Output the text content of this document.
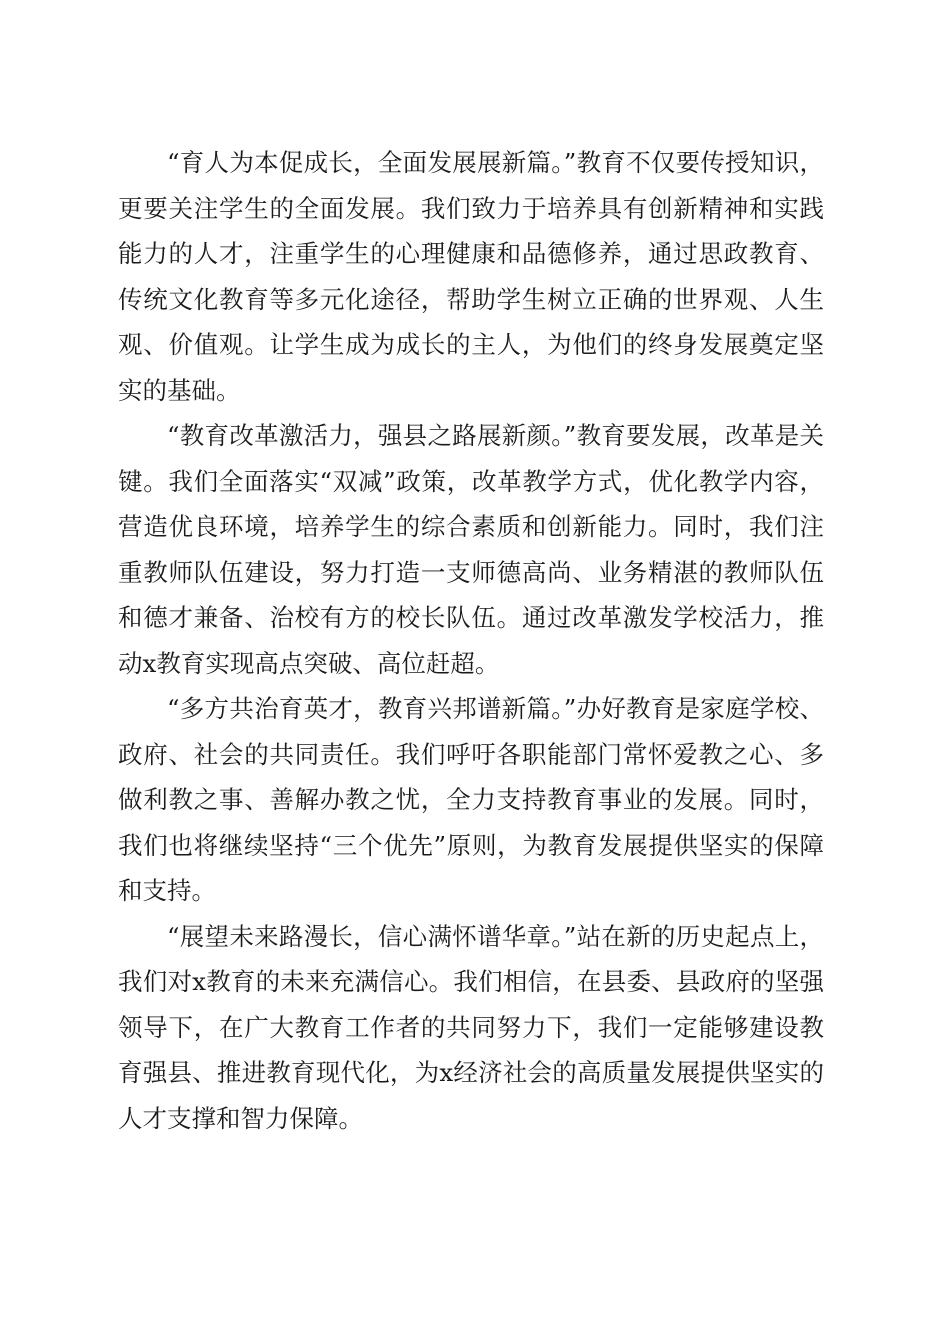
“育人为本促成长，全面发展展新篇。”教育不仅要传授知识，更要关注学生的全面发展。我们致力于培养具有创新精神和实践能力的人才，注重学生的心理健康和品德修养，通过思政教育、传统文化教育等多元化途径，帮助学生树立正确的世界观、人生观、价值观。让学生成为成长的主人，为他们的终身发展奠定坚实的基础。

“教育改革激活力，强县之路展新颜。”教育要发展，改革是关键。我们全面落实“双减”政策，改革教学方式，优化教学内容，营造优良环境，培养学生的综合素质和创新能力。同时，我们注重教师队伍建设，努力打造一支师德高尚、业务精湛的教师队伍和德才兼备、治校有方的校长队伍。通过改革激发学校活力，推动x教育实现高点突破、高位赶超。

“多方共治育英才，教育兴邦谱新篇。”办好教育是家庭学校、政府、社会的共同责任。我们呼吁各职能部门常怀爱教之心、多做利教之事、善解办教之忧，全力支持教育事业的发展。同时，我们也将继续坚持“三个优先”原则，为教育发展提供坚实的保障和支持。

“展望未来路漫长，信心满怀谱华章。”站在新的历史起点上，我们对x教育的未来充满信心。我们相信，在县委、县政府的坚强领导下，在广大教育工作者的共同努力下，我们一定能够建设教育强县、推进教育现代化，为x经济社会的高质量发展提供坚实的人才支撑和智力保障。
